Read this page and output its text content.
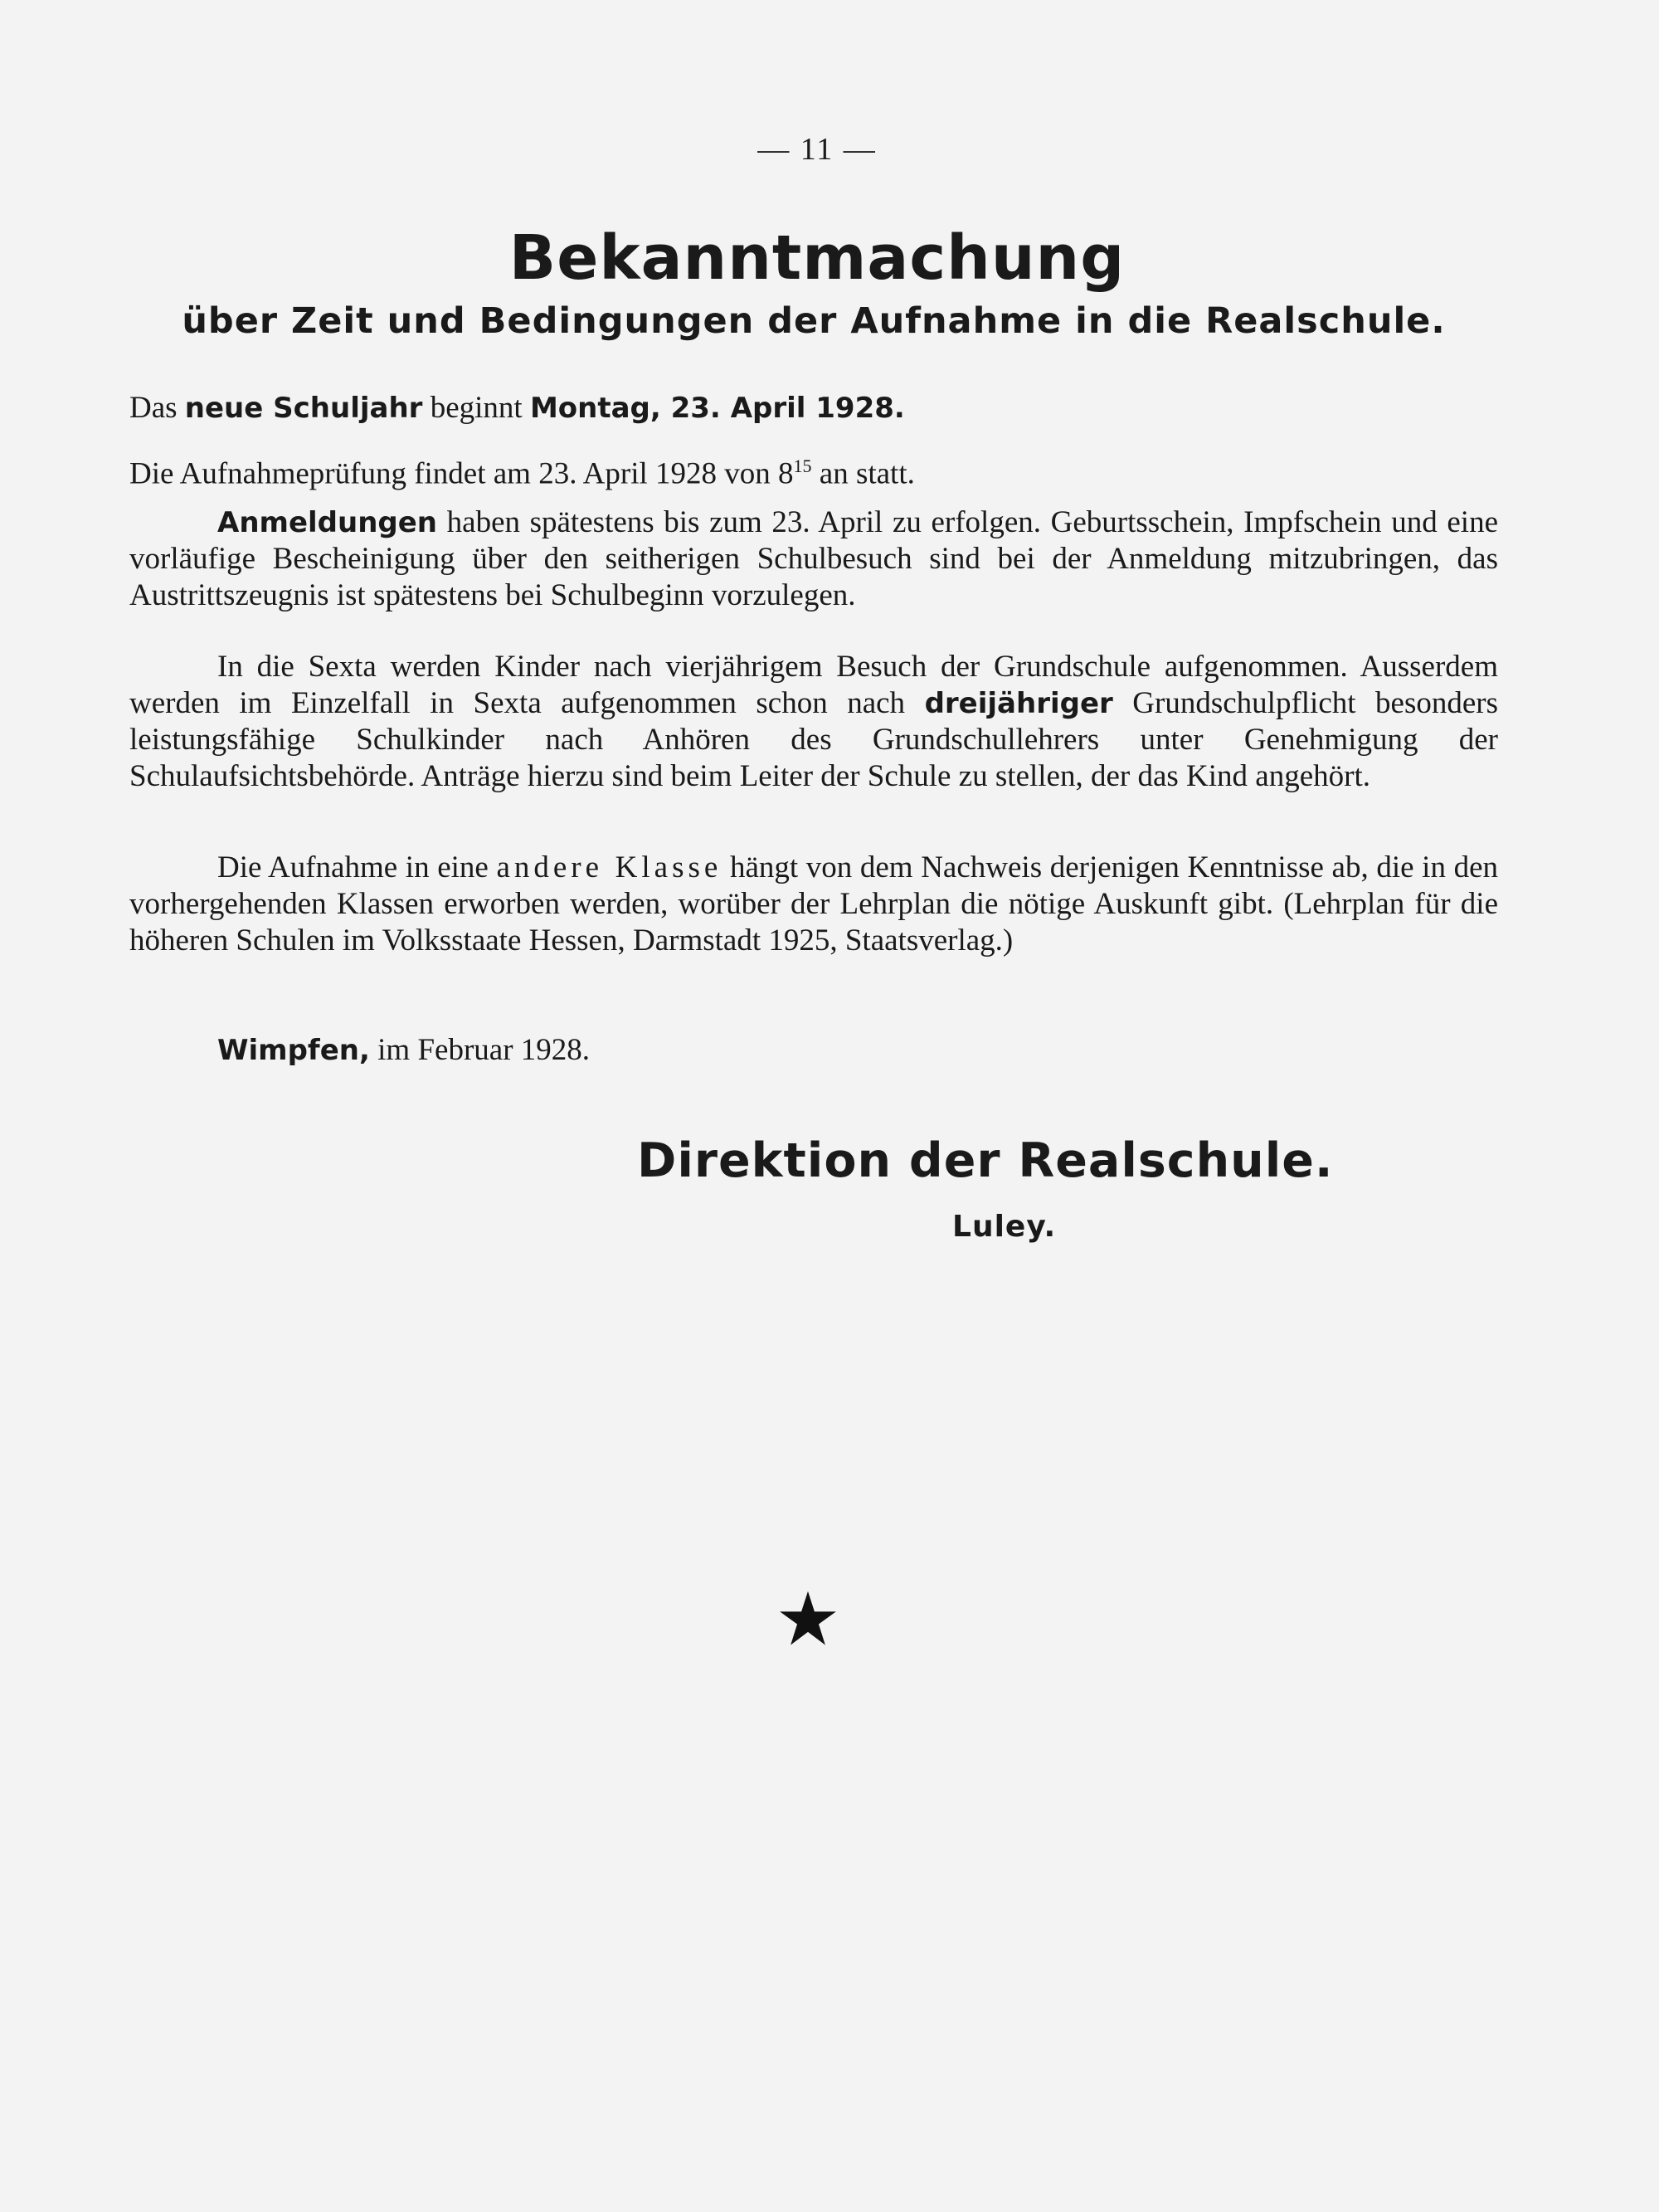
— 11 —
Bekanntmachung
über Zeit und Bedingungen der Aufnahme in die Realschule.

Das neue Schuljahr beginnt Montag, 23. April 1928.

Die Aufnahmeprüfung findet am 23. April 1928 von $8^{15}$ an statt.

Anmeldungen haben spätestens bis zum 23. April zu erfolgen. Geburtsschein, Impfschein und eine vorläufige Bescheinigung über den seitherigen Schulbesuch sind bei der Anmeldung mitzubringen, das Austrittszeugnis ist spätestens bei Schulbeginn vorzulegen.

In die Sexta werden Kinder nach vierjährigem Besuch der Grundschule aufgenommen. Ausserdem werden im Einzelfall in Sexta aufgenommen schon nach dreijähriger Grundschulpflicht besonders leistungsfähige Schulkinder nach Anhören des Grundschullehrers unter Genehmigung der Schulaufsichtsbehörde. Anträge hierzu sind beim Leiter der Schule zu stellen, der das Kind angehört.

Die Aufnahme in eine andere Klasse hängt von dem Nachweis derjenigen Kenntnisse ab, die in den vorhergehenden Klassen erworben werden, worüber der Lehrplan die nötige Auskunft gibt. (Lehrplan für die höheren Schulen im Volksstaate Hessen, Darmstadt 1925, Staatsverlag.)

Wimpfen, im Februar 1928.

Direktion der Realschule.
Luley.
